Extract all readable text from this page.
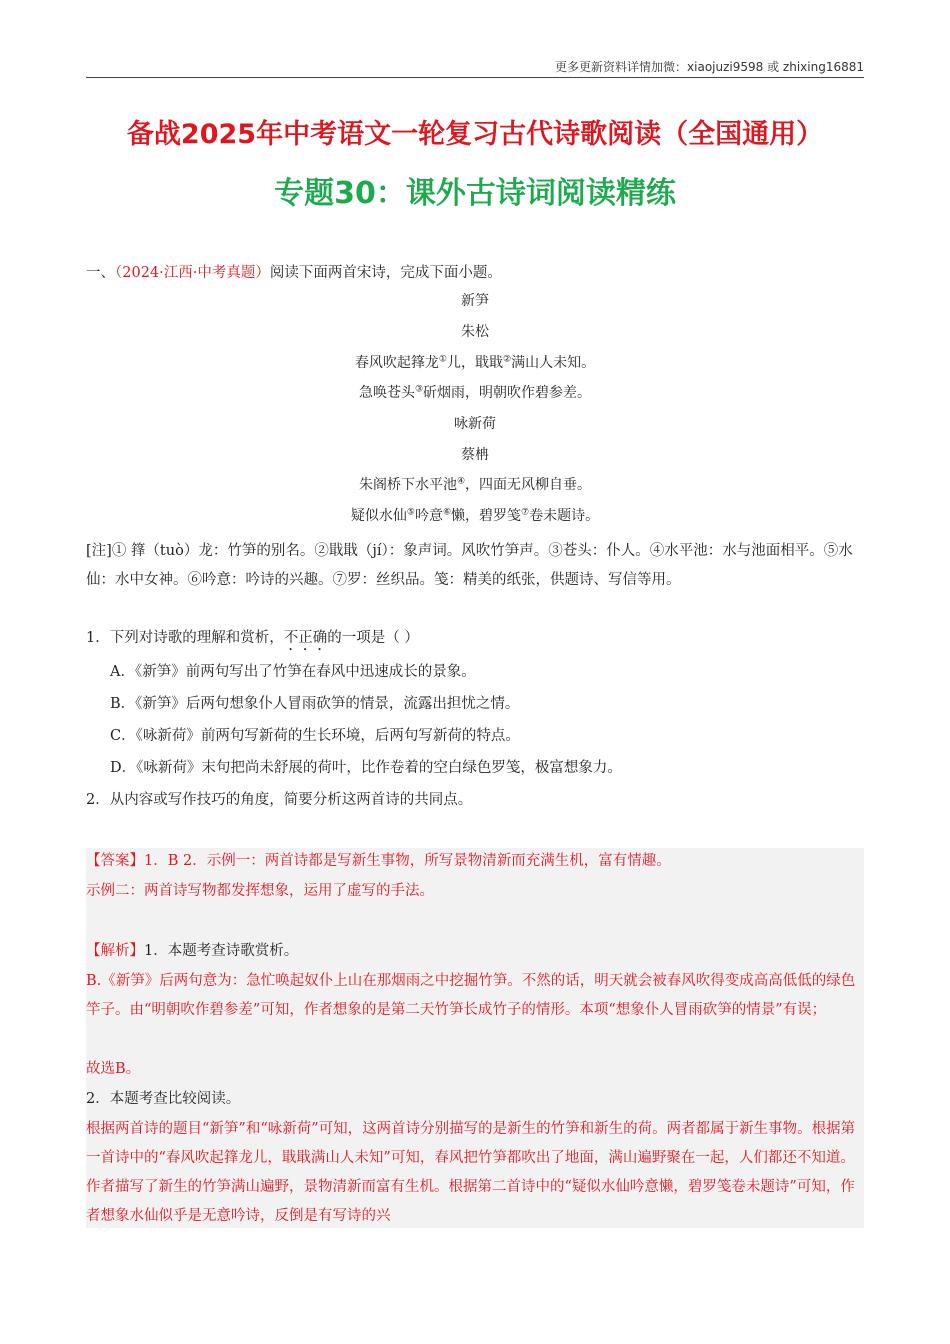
更多更新资料详情加微：xiaojuzi9598 或 zhixing16881
备战2025年中考语文一轮复习古代诗歌阅读（全国通用）
专题30：课外古诗词阅读精练
一、（2024·江西·中考真题）阅读下面两首宋诗，完成下面小题。
新笋
朱松
春风吹起箨龙①儿，戢戢②满山人未知。
急唤苍头③斫烟雨，明朝吹作碧参差。
咏新荷
蔡柟
朱阁桥下水平池④，四面无风柳自垂。
疑似水仙⑤吟意⑥懒，碧罗笺⑦卷未题诗。
[注]① 箨（tuò）龙：竹笋的别名。②戢戢（jí）：象声词。风吹竹笋声。③苍头：仆人。④水平池：水与池面相平。⑤水仙：水中女神。⑥吟意：吟诗的兴趣。⑦罗：丝织品。笺：精美的纸张，供题诗、写信等用。
1．下列对诗歌的理解和赏析，不正确的一项是（ ）
A．《新笋》前两句写出了竹笋在春风中迅速成长的景象。
B．《新笋》后两句想象仆人冒雨砍笋的情景，流露出担忧之情。
C．《咏新荷》前两句写新荷的生长环境，后两句写新荷的特点。
D．《咏新荷》末句把尚未舒展的荷叶，比作卷着的空白绿色罗笺，极富想象力。
2．从内容或写作技巧的角度，简要分析这两首诗的共同点。
【答案】1．B 2．示例一：两首诗都是写新生事物，所写景物清新而充满生机，富有情趣。
示例二：两首诗写物都发挥想象，运用了虚写的手法。
【解析】1．本题考查诗歌赏析。
B.《新笋》后两句意为：急忙唤起奴仆上山在那烟雨之中挖掘竹笋。不然的话，明天就会被春风吹得变成高高低低的绿色竿子。由“明朝吹作碧参差”可知，作者想象的是第二天竹笋长成竹子的情形。本项“想象仆人冒雨砍笋的情景”有误；
故选B。
2．本题考查比较阅读。
根据两首诗的题目“新笋”和“咏新荷”可知，这两首诗分别描写的是新生的竹笋和新生的荷。两者都属于新生事物。根据第一首诗中的“春风吹起箨龙儿，戢戢满山人未知”可知，春风把竹笋都吹出了地面，满山遍野聚在一起，人们都还不知道。作者描写了新生的竹笋满山遍野，景物清新而富有生机。根据第二首诗中的“疑似水仙吟意懒，碧罗笺卷未题诗”可知，作者想象水仙似乎是无意吟诗，反倒是有写诗的兴
